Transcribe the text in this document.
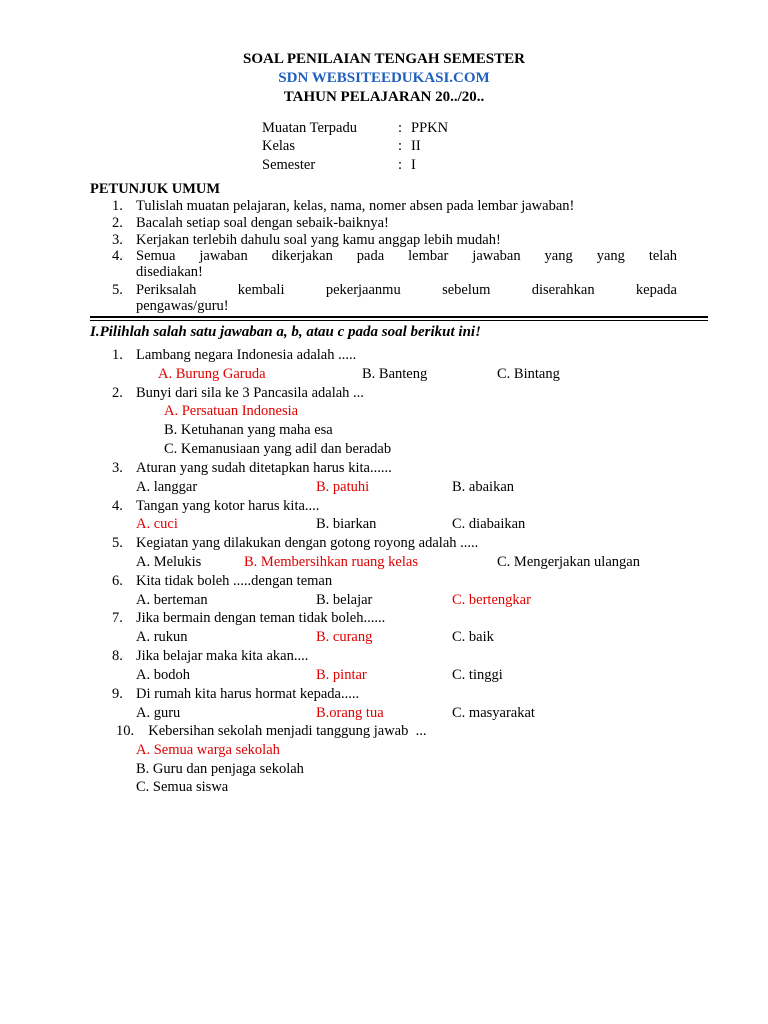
SOAL PENILAIAN TENGAH SEMESTER
SDN WEBSITEEDUKASI.COM
TAHUN PELAJARAN 20../20..
Muatan Terpadu	: PPKN
Kelas	: II
Semester	: I
PETUNJUK UMUM
1. Tulislah muatan pelajaran, kelas, nama, nomer absen pada lembar jawaban!
2. Bacalah setiap soal dengan sebaik-baiknya!
3. Kerjakan terlebih dahulu soal yang kamu anggap lebih mudah!
4. Semua jawaban dikerjakan pada lembar jawaban yang yang telah
disediakan!
5. Periksalah kembali pekerjaanmu sebelum diserahkan kepada
pengawas/guru!
I.Pilihlah salah satu jawaban a, b, atau c pada soal berikut ini!
1. Lambang negara Indonesia adalah .....
A. Burung Garuda	B. Banteng	C. Bintang
2. Bunyi dari sila ke 3 Pancasila adalah ...
A. Persatuan Indonesia
B. Ketuhanan yang maha esa
C. Kemanusiaan yang adil dan beradab
3. Aturan yang sudah ditetapkan harus kita......
A. langgar	B. patuhi	B. abaikan
4. Tangan yang kotor harus kita....
A. cuci	B. biarkan	C. diabaikan
5. Kegiatan yang dilakukan dengan gotong royong adalah .....
A. Melukis	B. Membersihkan ruang kelas	C. Mengerjakan ulangan
6. Kita tidak boleh .....dengan teman
A. berteman	B. belajar	C. bertengkar
7. Jika bermain dengan teman tidak boleh......
A. rukun	B. curang	C. baik
8. Jika belajar maka kita akan....
A. bodoh	B. pintar	C. tinggi
9. Di rumah kita harus hormat kepada.....
A. guru	B.orang tua	C. masyarakat
10. Kebersihan sekolah menjadi tanggung jawab  ...
A. Semua warga sekolah
B. Guru dan penjaga sekolah
C. Semua siswa
